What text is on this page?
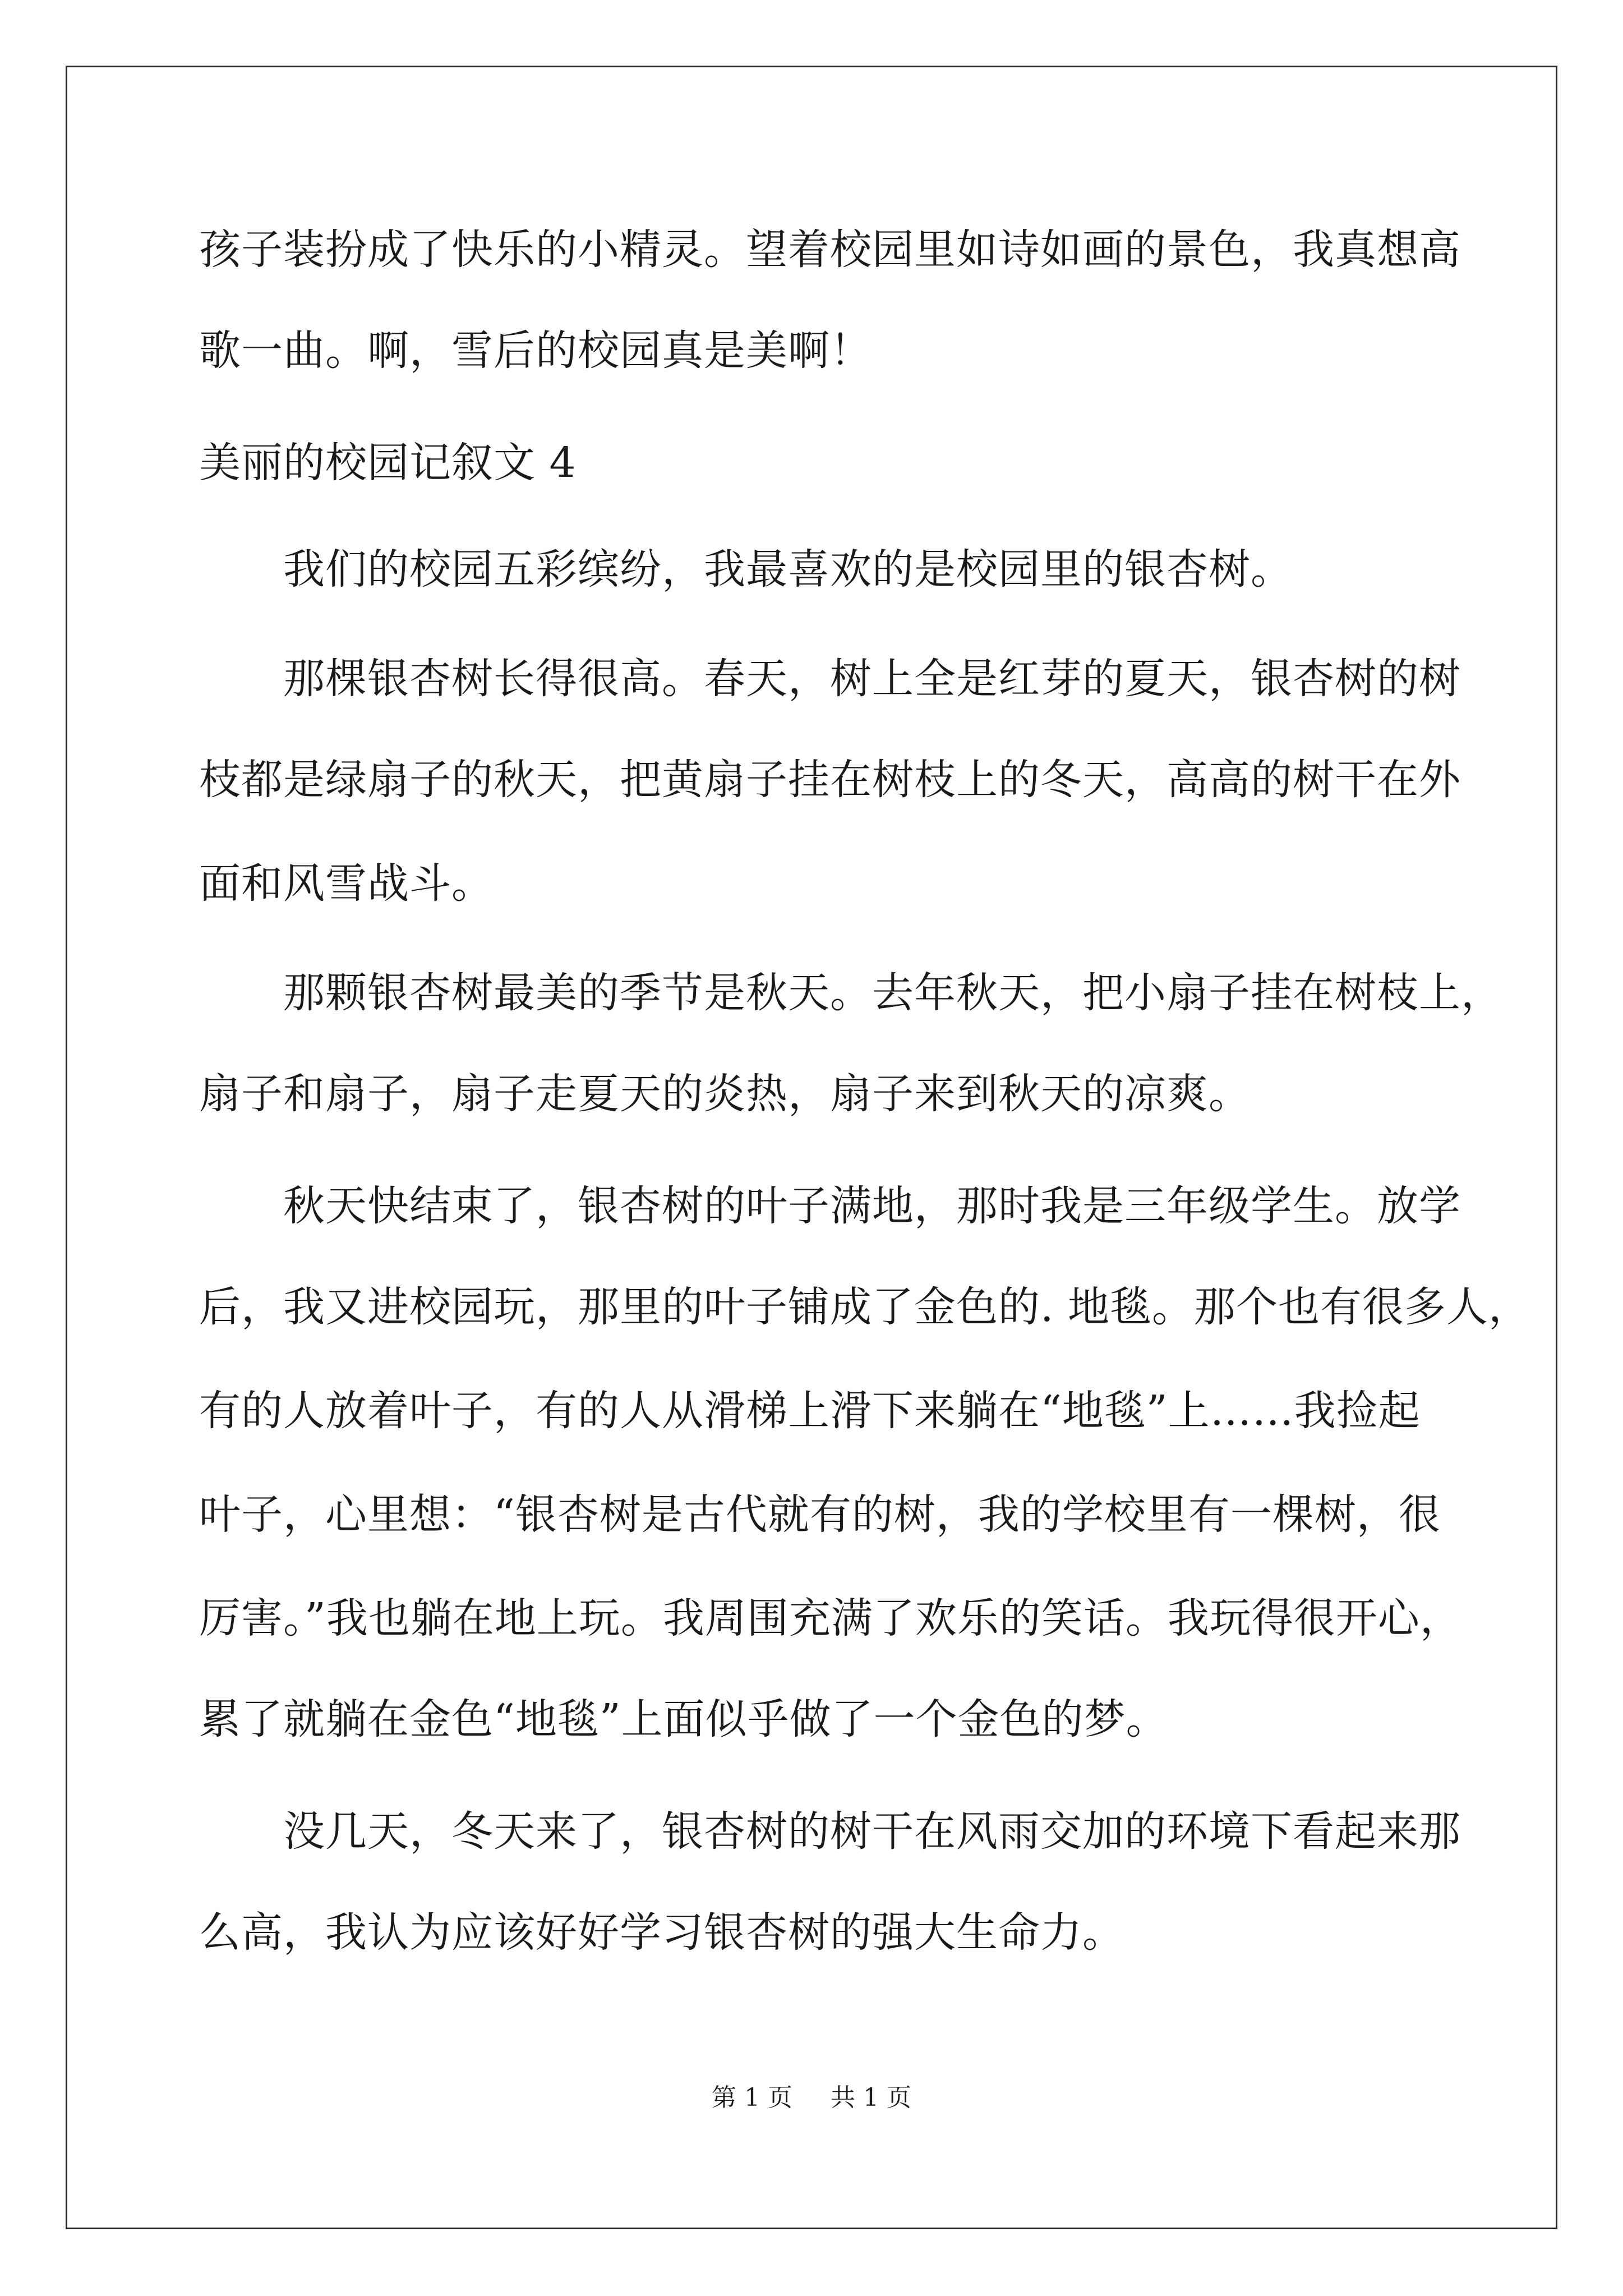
孩子装扮成了快乐的小精灵。望着校园里如诗如画的景色，我真想高
歌一曲。啊，雪后的校园真是美啊！
美丽的校园记叙文 4
　　我们的校园五彩缤纷，我最喜欢的是校园里的银杏树。
　　那棵银杏树长得很高。春天，树上全是红芽的夏天，银杏树的树
枝都是绿扇子的秋天，把黄扇子挂在树枝上的冬天，高高的树干在外
面和风雪战斗。
　　那颗银杏树最美的季节是秋天。去年秋天，把小扇子挂在树枝上，
扇子和扇子，扇子走夏天的炎热，扇子来到秋天的凉爽。
　　秋天快结束了，银杏树的叶子满地，那时我是三年级学生。放学
后，我又进校园玩，那里的叶子铺成了金色的. 地毯。那个也有很多人，
有的人放着叶子，有的人从滑梯上滑下来躺在“地毯”上……我捡起
叶子，心里想：“银杏树是古代就有的树，我的学校里有一棵树，很
厉害。”我也躺在地上玩。我周围充满了欢乐的笑话。我玩得很开心，
累了就躺在金色“地毯”上面似乎做了一个金色的梦。
　　没几天，冬天来了，银杏树的树干在风雨交加的环境下看起来那
么高，我认为应该好好学习银杏树的强大生命力。
第 1 页 共 1 页
